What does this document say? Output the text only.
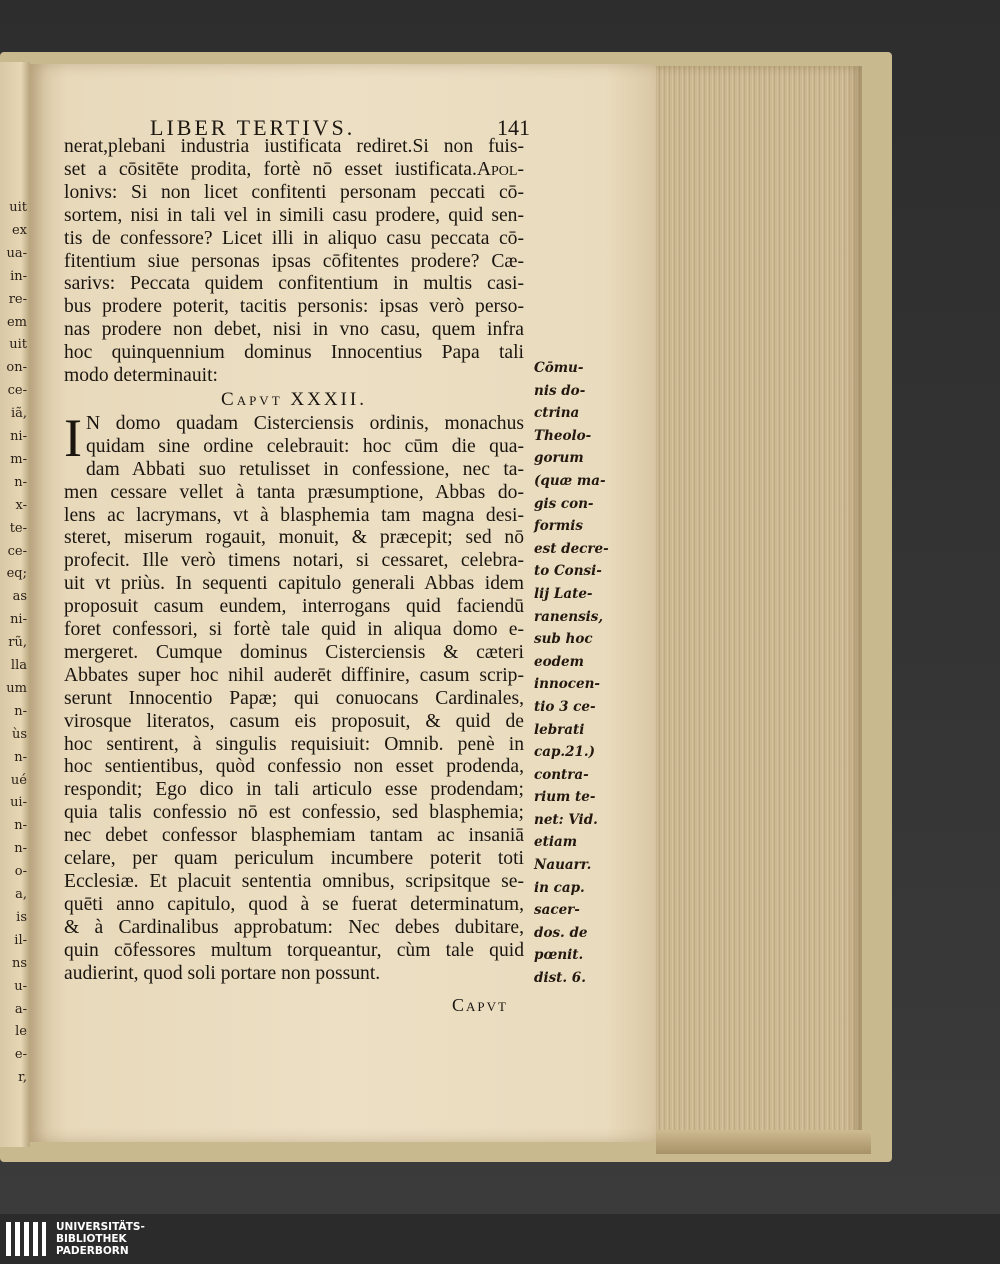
uit
ex
ua-
in-
re-
em
uit
on-
ce-
iã,
ni-
m-
n-
x-
te-
ce-
eq;
as
ni-
rũ,
lla
um
n-
ùs
n-
ué
ui-
n-
n-
o-
a,
is
il-
ns
u-
a-
le
e-
r,
LIBER TERTIVS.	141
nerat,plebani industria iustificata rediret.Si non fuis-
set a cōsitēte prodita, fortè nō esset iustificata.Apol-
lonivs: Si non licet confitenti personam peccati cō-
sortem, nisi in tali vel in simili casu prodere, quid sen-
tis de confessore? Licet illi in aliquo casu peccata cō-
fitentium siue personas ipsas cōfitentes prodere? Cæ-
sarivs: Peccata quidem confitentium in multis casi-
bus prodere poterit, tacitis personis: ipsas verò perso-
nas prodere non debet, nisi in vno casu, quem infra
hoc quinquennium dominus Innocentius Papa tali
modo determinauit:
Capvt XXXII.
I N domo quadam Cisterciensis ordinis, monachus
quidam sine ordine celebrauit: hoc cūm die qua-
dam Abbati suo retulisset in confessione, nec ta-
men cessare vellet à tanta præsumptione, Abbas do-
lens ac lacrymans, vt à blasphemia tam magna desi-
steret, miserum rogauit, monuit, & præcepit; sed nō
profecit. Ille verò timens notari, si cessaret, celebra-
uit vt priùs. In sequenti capitulo generali Abbas idem
proposuit casum eundem, interrogans quid faciendū
foret confessori, si fortè tale quid in aliqua domo e-
mergeret. Cumque dominus Cisterciensis & cæteri
Abbates super hoc nihil auderēt diffinire, casum scrip-
serunt Innocentio Papæ; qui conuocans Cardinales,
virosque literatos, casum eis proposuit, & quid de
hoc sentirent, à singulis requisiuit: Omnib. penè in
hoc sentientibus, quòd confessio non esset prodenda,
respondit; Ego dico in tali articulo esse prodendam;
quia talis confessio nō est confessio, sed blasphemia;
nec debet confessor blasphemiam tantam ac insaniā
celare, per quam periculum incumbere poterit toti
Ecclesiæ. Et placuit sententia omnibus, scripsitque se-
quēti anno capitulo, quod à se fuerat determinatum,
& à Cardinalibus approbatum: Nec debes dubitare,
quin cōfessores multum torqueantur, cùm tale quid
audierint, quod soli portare non possunt.
Capvt
Cōmu-
nis do-
ctrina
Theolo-
gorum
(quæ ma-
gis con-
formis
est decre-
to Consi-
lij Late-
ranensis,
sub hoc
eodem
innocen-
tio 3 ce-
lebrati
cap.21.)
contra-
rium te-
net: Vid.
etiam
Nauarr.
in cap.
sacer-
dos. de
pœnit.
dist. 6.
UNIVERSITÄTS-
BIBLIOTHEK
PADERBORN
